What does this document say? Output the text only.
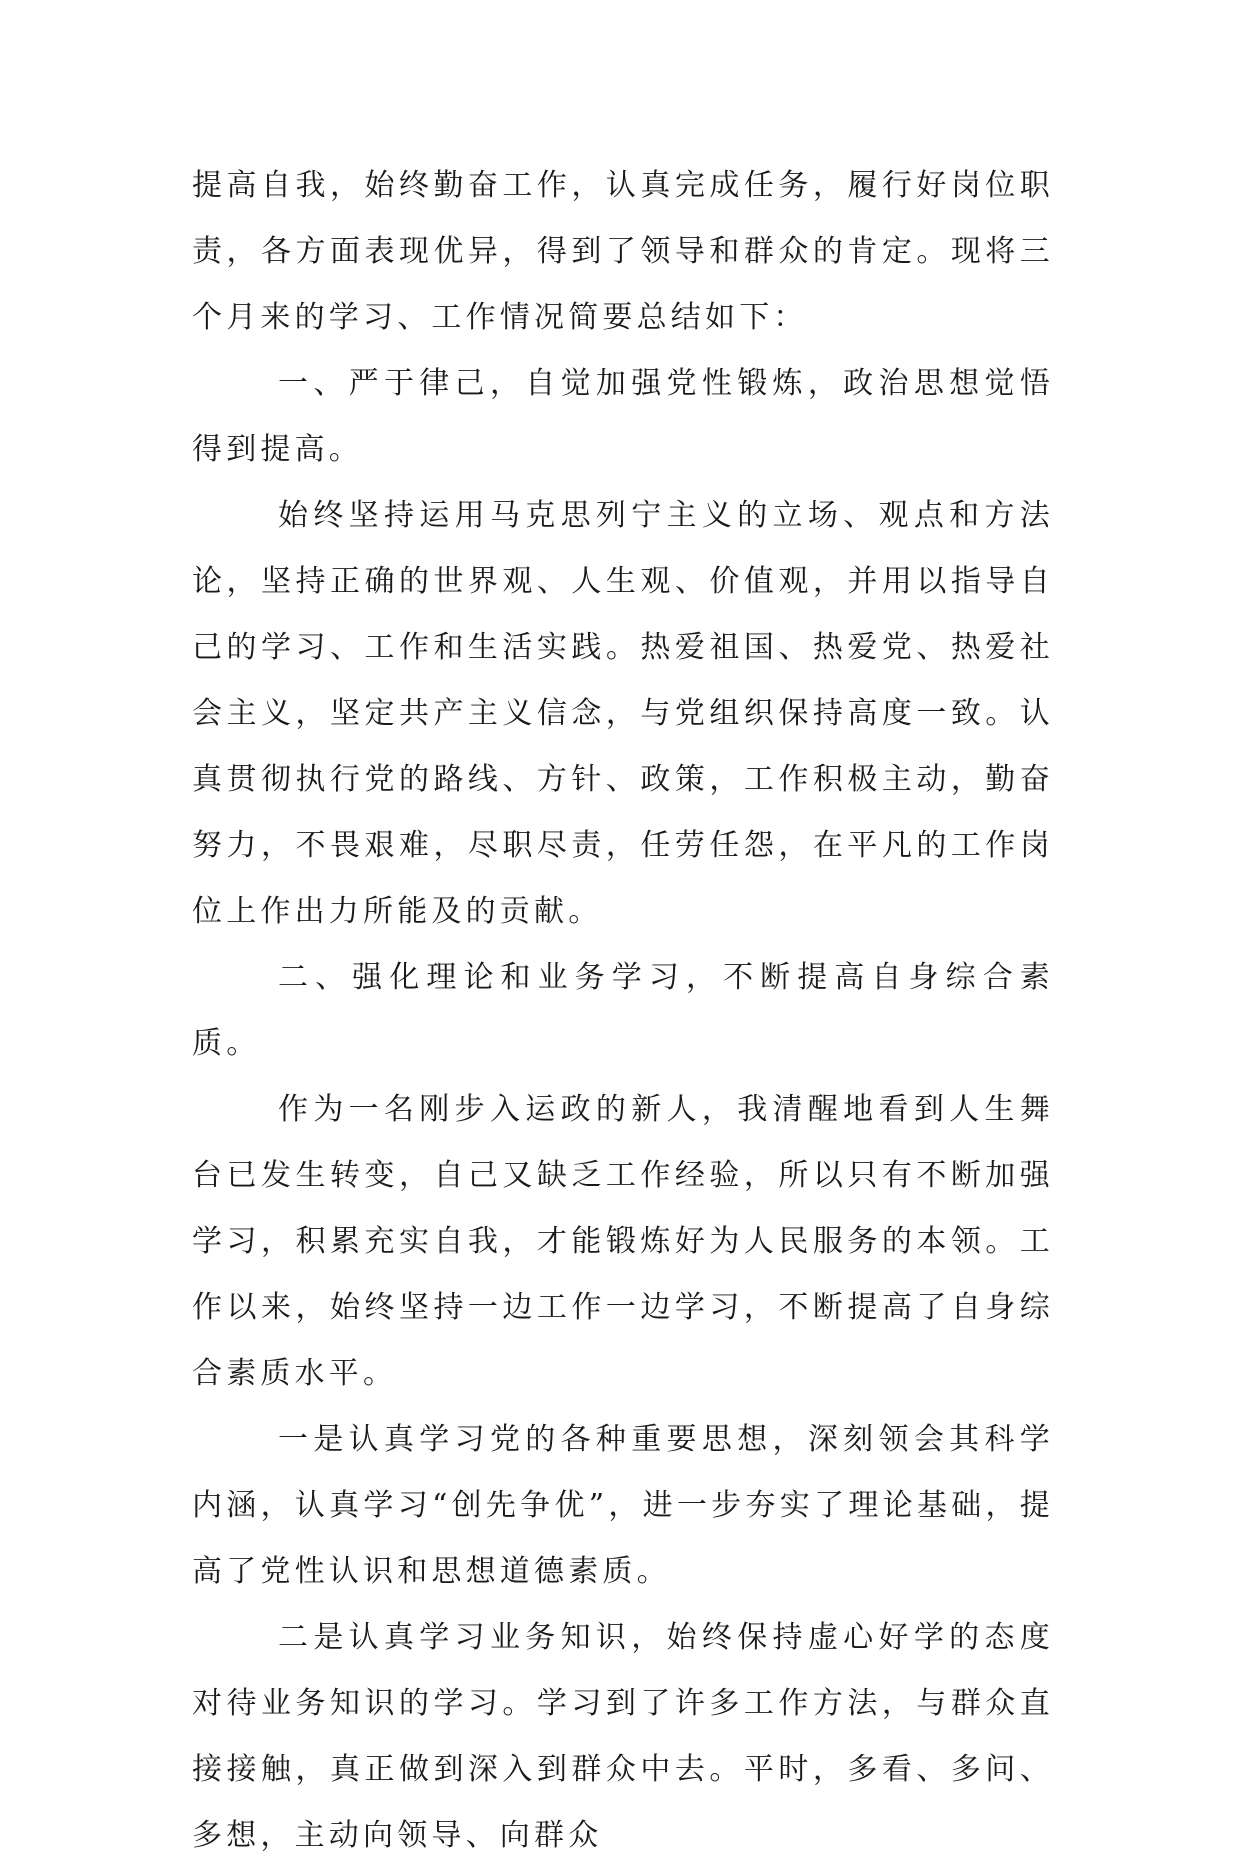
提高自我，始终勤奋工作，认真完成任务，履行好岗位职责，各方面表现优异，得到了领导和群众的肯定。现将三个月来的学习、工作情况简要总结如下：

一、严于律己，自觉加强党性锻炼，政治思想觉悟得到提高。

始终坚持运用马克思列宁主义的立场、观点和方法论，坚持正确的世界观、人生观、价值观，并用以指导自己的学习、工作和生活实践。热爱祖国、热爱党、热爱社会主义，坚定共产主义信念，与党组织保持高度一致。认真贯彻执行党的路线、方针、政策，工作积极主动，勤奋努力，不畏艰难，尽职尽责，任劳任怨，在平凡的工作岗位上作出力所能及的贡献。

二、强化理论和业务学习，不断提高自身综合素质。

作为一名刚步入运政的新人，我清醒地看到人生舞台已发生转变，自己又缺乏工作经验，所以只有不断加强学习，积累充实自我，才能锻炼好为人民服务的本领。工作以来，始终坚持一边工作一边学习，不断提高了自身综合素质水平。

一是认真学习党的各种重要思想，深刻领会其科学内涵，认真学习“创先争优”，进一步夯实了理论基础，提高了党性认识和思想道德素质。

二是认真学习业务知识，始终保持虚心好学的态度对待业务知识的学习。学习到了许多工作方法，与群众直接接触，真正做到深入到群众中去。平时，多看、多问、多想，主动向领导、向群众
